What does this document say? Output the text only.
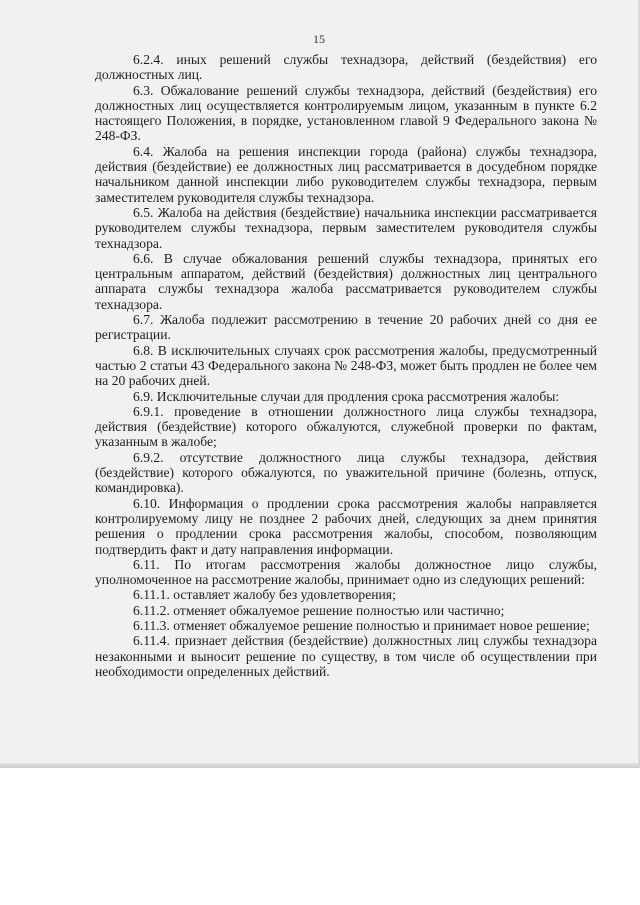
15

6.2.4. иных решений службы технадзора, действий (бездействия) его должностных лиц.

6.3. Обжалование решений службы технадзора, действий (бездействия) его должностных лиц осуществляется контролируемым лицом, указанным в пункте 6.2 настоящего Положения, в порядке, установленном главой 9 Федерального закона № 248-ФЗ.

6.4. Жалоба на решения инспекции города (района) службы технадзора, действия (бездействие) ее должностных лиц рассматривается в досудебном порядке начальником данной инспекции либо руководителем службы технадзора, первым заместителем руководителя службы технадзора.

6.5. Жалоба на действия (бездействие) начальника инспекции рассматривается руководителем службы технадзора, первым заместителем руководителя службы технадзора.

6.6. В случае обжалования решений службы технадзора, принятых его центральным аппаратом, действий (бездействия) должностных лиц центрального аппарата службы технадзора жалоба рассматривается руководителем службы технадзора.

6.7. Жалоба подлежит рассмотрению в течение 20 рабочих дней со дня ее регистрации.

6.8. В исключительных случаях срок рассмотрения жалобы, предусмотренный частью 2 статьи 43 Федерального закона № 248-ФЗ, может быть продлен не более чем на 20 рабочих дней.

6.9. Исключительные случаи для продления срока рассмотрения жалобы:

6.9.1. проведение в отношении должностного лица службы технадзора, действия (бездействие) которого обжалуются, служебной проверки по фактам, указанным в жалобе;

6.9.2. отсутствие должностного лица службы технадзора, действия (бездействие) которого обжалуются, по уважительной причине (болезнь, отпуск, командировка).

6.10. Информация о продлении срока рассмотрения жалобы направляется контролируемому лицу не позднее 2 рабочих дней, следующих за днем принятия решения о продлении срока рассмотрения жалобы, способом, позволяющим подтвердить факт и дату направления информации.

6.11. По итогам рассмотрения жалобы должностное лицо службы, уполномоченное на рассмотрение жалобы, принимает одно из следующих решений:

6.11.1. оставляет жалобу без удовлетворения;

6.11.2. отменяет обжалуемое решение полностью или частично;

6.11.3. отменяет обжалуемое решение полностью и принимает новое решение;

6.11.4. признает действия (бездействие) должностных лиц службы технадзора незаконными и выносит решение по существу, в том числе об осуществлении при необходимости определенных действий.
